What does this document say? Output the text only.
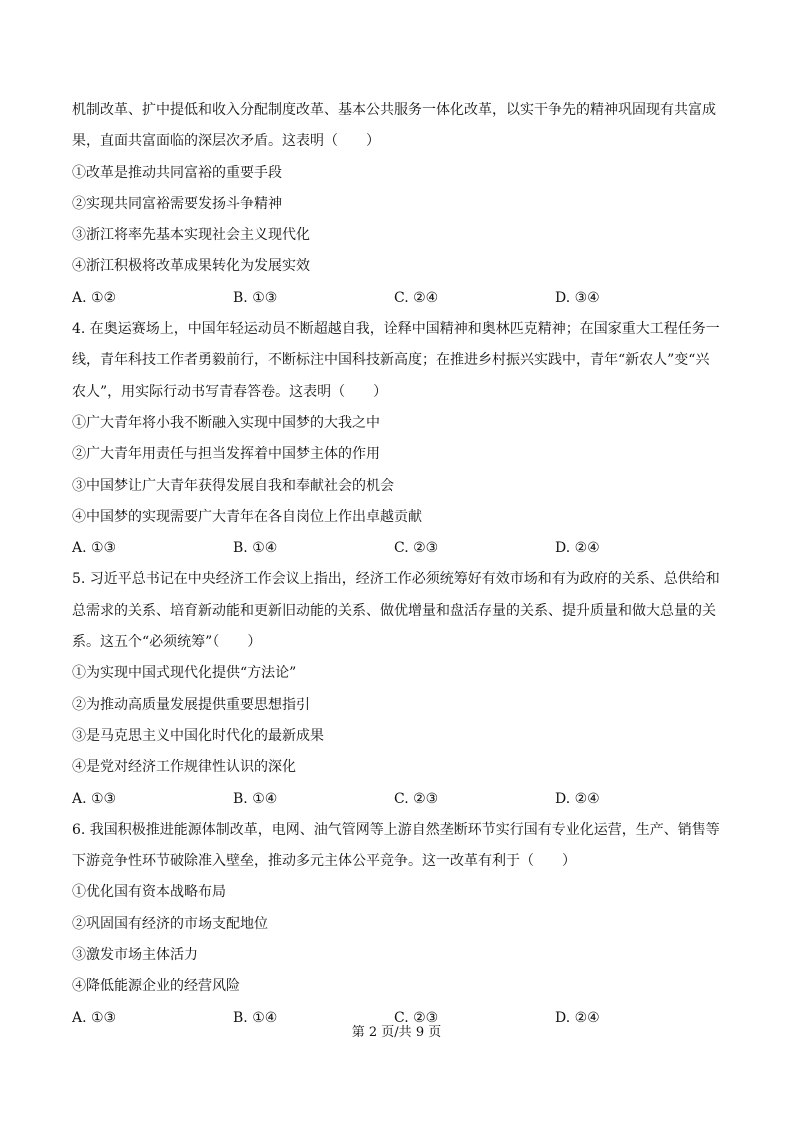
机制改革、扩中提低和收入分配制度改革、基本公共服务一体化改革，以实干争先的精神巩固现有共富成
果，直面共富面临的深层次矛盾。这表明（　　）
①改革是推动共同富裕的重要手段
②实现共同富裕需要发扬斗争精神
③浙江将率先基本实现社会主义现代化
④浙江积极将改革成果转化为发展实效
A. ①②	B. ①③	C. ②④	D. ③④
4. 在奥运赛场上，中国年轻运动员不断超越自我，诠释中国精神和奥林匹克精神；在国家重大工程任务一
线，青年科技工作者勇毅前行，不断标注中国科技新高度；在推进乡村振兴实践中，青年“新农人”变“兴
农人”，用实际行动书写青春答卷。这表明（　　）
①广大青年将小我不断融入实现中国梦的大我之中
②广大青年用责任与担当发挥着中国梦主体的作用
③中国梦让广大青年获得发展自我和奉献社会的机会
④中国梦的实现需要广大青年在各自岗位上作出卓越贡献
A. ①③	B. ①④	C. ②③	D. ②④
5. 习近平总书记在中央经济工作会议上指出，经济工作必须统筹好有效市场和有为政府的关系、总供给和
总需求的关系、培育新动能和更新旧动能的关系、做优增量和盘活存量的关系、提升质量和做大总量的关
系。这五个“必须统筹”（　　）
①为实现中国式现代化提供“方法论”
②为推动高质量发展提供重要思想指引
③是马克思主义中国化时代化的最新成果
④是党对经济工作规律性认识的深化
A. ①③	B. ①④	C. ②③	D. ②④
6. 我国积极推进能源体制改革，电网、油气管网等上游自然垄断环节实行国有专业化运营，生产、销售等
下游竞争性环节破除准入壁垒，推动多元主体公平竞争。这一改革有利于（　　）
①优化国有资本战略布局
②巩固国有经济的市场支配地位
③激发市场主体活力
④降低能源企业的经营风险
A. ①③	B. ①④	C. ②③	D. ②④
第 2 页/共 9 页
